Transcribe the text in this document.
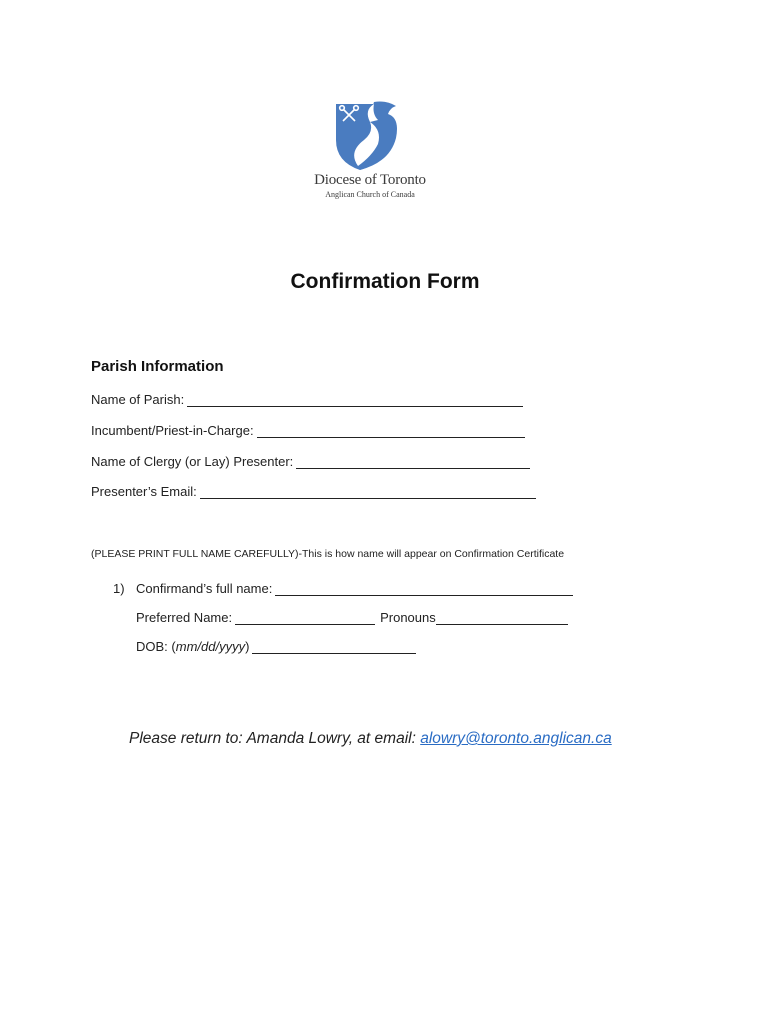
Diocese of Toronto
Anglican Church of Canada
Confirmation Form
Parish Information
Name of Parish:
Incumbent/Priest-in-Charge:
Name of Clergy (or Lay) Presenter:
Presenter’s Email:
(PLEASE PRINT FULL NAME CAREFULLY)-This is how name will appear on Confirmation Certificate
1) Confirmand’s full name:
Preferred Name:	Pronouns
DOB: ( mm/dd/yyyy )
Please return to: Amanda Lowry, at email: alowry@toronto.anglican.ca
